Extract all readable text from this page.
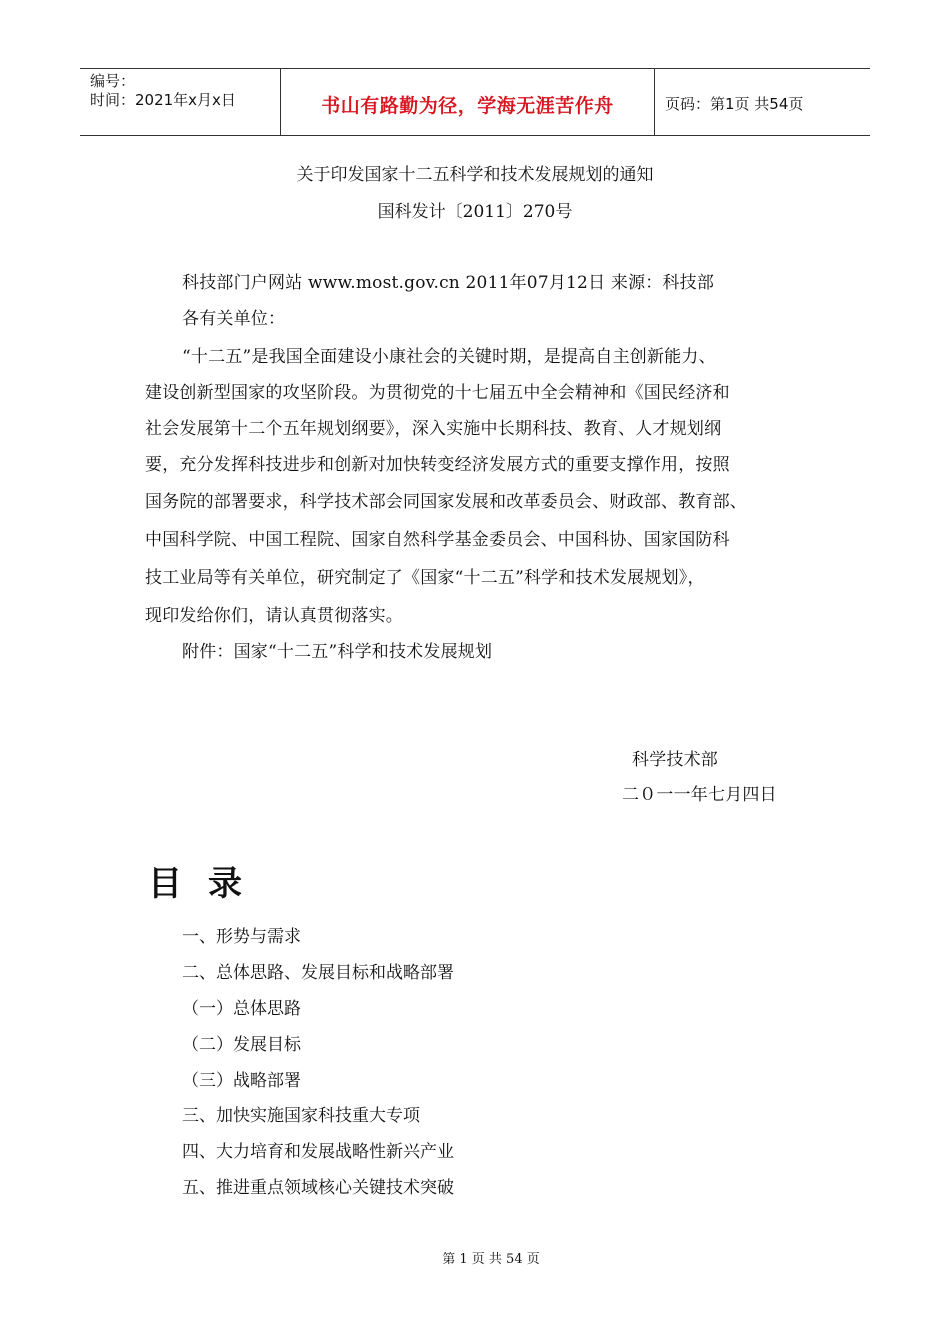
编号：
时间：2021年x月x日	书山有路勤为径，学海无涯苦作舟	页码：第1页 共54页
关于印发国家十二五科学和技术发展规划的通知
国科发计〔2011〕270号
科技部门户网站 www.most.gov.cn 2011年07月12日 来源：科技部
各有关单位：
“十二五”是我国全面建设小康社会的关键时期，是提高自主创新能力、
建设创新型国家的攻坚阶段。为贯彻党的十七届五中全会精神和《国民经济和
社会发展第十二个五年规划纲要》，深入实施中长期科技、教育、人才规划纲
要，充分发挥科技进步和创新对加快转变经济发展方式的重要支撑作用，按照
国务院的部署要求，科学技术部会同国家发展和改革委员会、财政部、教育部、
中国科学院、中国工程院、国家自然科学基金委员会、中国科协、国家国防科
技工业局等有关单位，研究制定了《国家“十二五”科学和技术发展规划》，
现印发给你们，请认真贯彻落实。
附件：国家“十二五”科学和技术发展规划
科学技术部
二０一一年七月四日
目录
一、形势与需求
二、总体思路、发展目标和战略部署
（一）总体思路
（二）发展目标
（三）战略部署
三、加快实施国家科技重大专项
四、大力培育和发展战略性新兴产业
五、推进重点领域核心关键技术突破
第 1 页 共 54 页
